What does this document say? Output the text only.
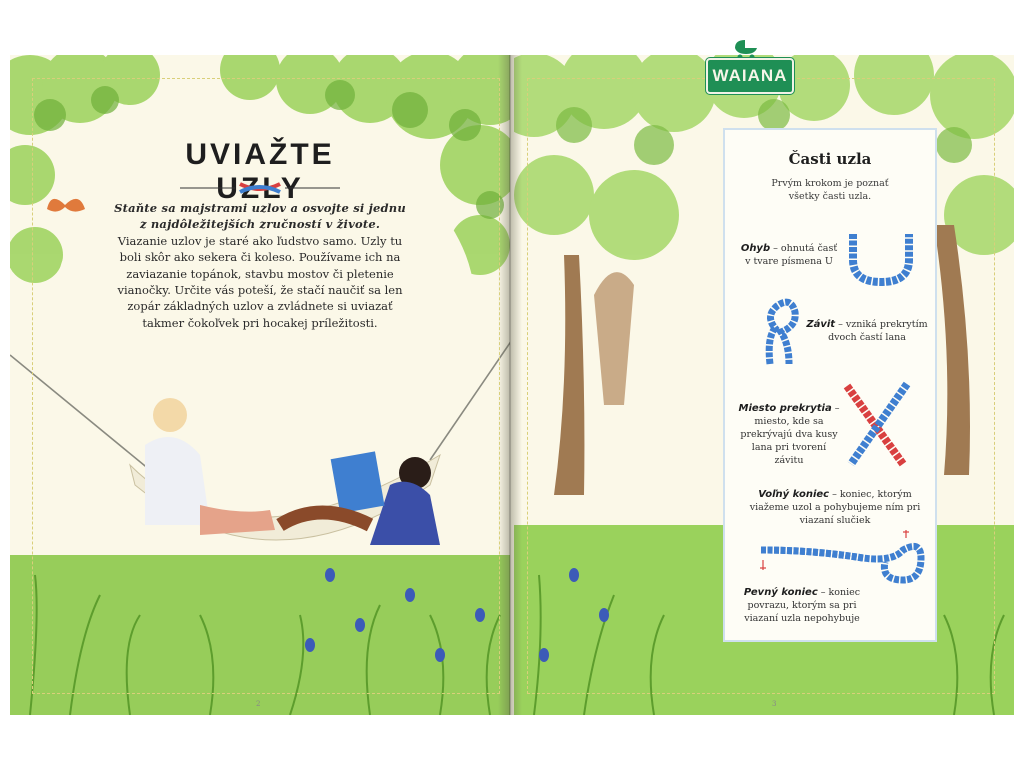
UVIAŽTE UZLY
Staňte sa majstrami uzlov a osvojte si jednu z najdôležitejších zručností v živote.
Viazanie uzlov je staré ako ľudstvo samo. Uzly tu boli skôr ako sekera či koleso. Používame ich na zaviazanie topánok, stavbu mostov či pletenie vianočky. Určite vás poteší, že stačí naučiť sa len zopár základných uzlov a zvládnete si uviazať takmer čokoľvek pri hocakej príležitosti.
WAIANA
Časti uzla
Prvým krokom je poznať všetky časti uzla.
Ohyb – ohnutá časť v tvare písmena U
Závit – vzniká prekrytím dvoch častí lana
Miesto prekrytia – miesto, kde sa prekrývajú dva kusy lana pri tvorení závitu
Voľný koniec – koniec, ktorým viažeme uzol a pohybujeme ním pri viazaní slučiek
Pevný koniec – koniec povrazu, ktorým sa pri viazaní uzla nepohybuje
2	3
